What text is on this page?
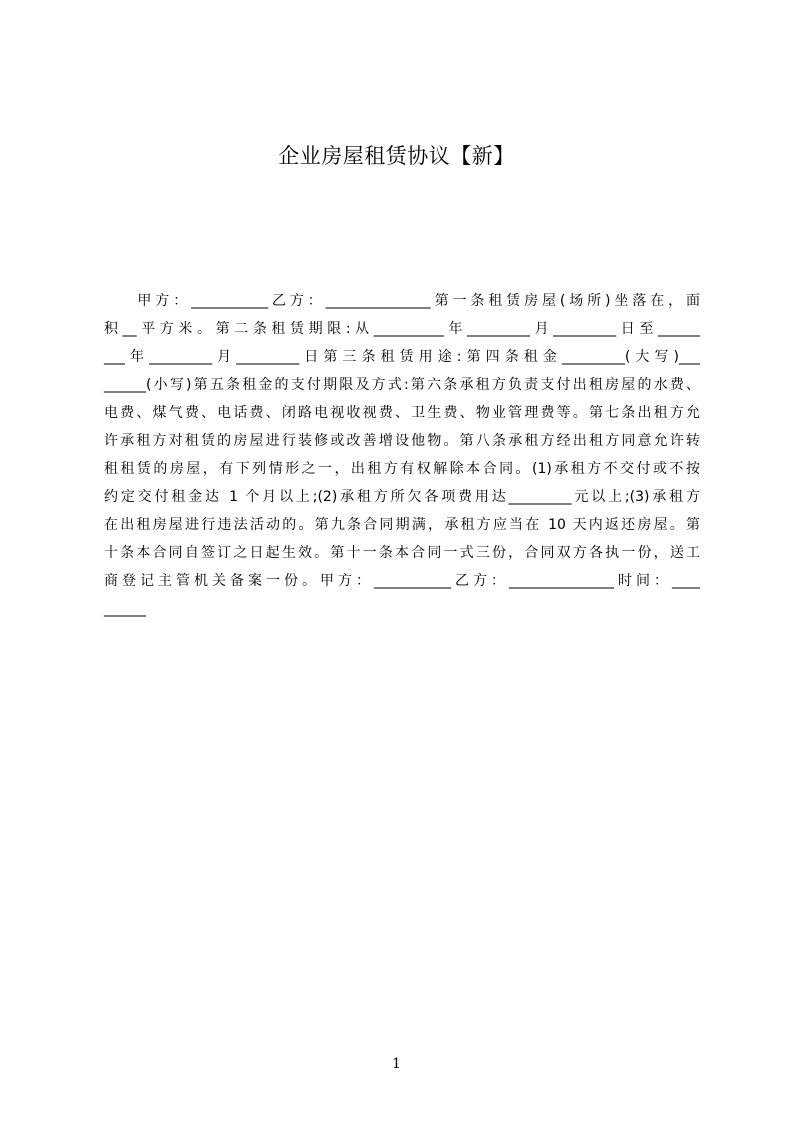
企业房屋租赁协议【新】
甲方：___________乙方：_______________第一条租赁房屋(场所)坐落在，面
积__平方米。第二条租赁期限:从__________年_________月_________日至______
___年_________月_________日第三条租赁用途:第四条租金_________(大写)___
______(小写)第五条租金的支付期限及方式:第六条承租方负责支付出租房屋的水费、
电费、煤气费、电话费、闭路电视收视费、卫生费、物业管理费等。第七条出租方允
许承租方对租赁的房屋进行装修或改善增设他物。第八条承租方经出租方同意允许转
租租赁的房屋，有下列情形之一，出租方有权解除本合同。(1)承租方不交付或不按
约定交付租金达 1 个月以上;(2)承租方所欠各项费用达_________元以上;(3)承租方
在出租房屋进行违法活动的。第九条合同期满，承租方应当在 10 天内返还房屋。第
十条本合同自签订之日起生效。第十一条本合同一式三份，合同双方各执一份，送工
商登记主管机关备案一份。甲方：___________乙方：_______________时间：____
______
1
